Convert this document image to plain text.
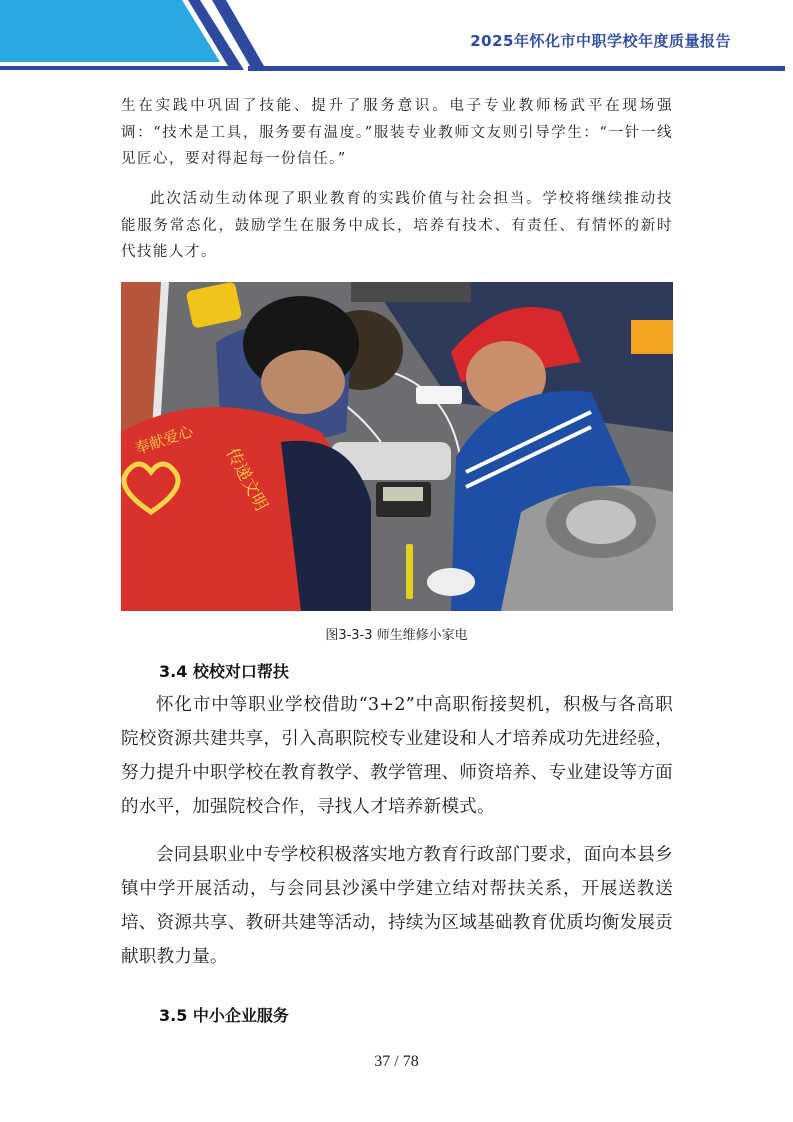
2025年怀化市中职学校年度质量报告

生在实践中巩固了技能、提升了服务意识。电子专业教师杨武平在现场强调：“技术是工具，服务要有温度。”服装专业教师文友则引导学生：“一针一线见匠心，要对得起每一份信任。”

此次活动生动体现了职业教育的实践价值与社会担当。学校将继续推动技能服务常态化，鼓励学生在服务中成长，培养有技术、有责任、有情怀的新时代技能人才。

奉献爱心
传递文明
图3-3-3 师生维修小家电
3.4 校校对口帮扶

怀化市中等职业学校借助“3+2”中高职衔接契机，积极与各高职院校资源共建共享，引入高职院校专业建设和人才培养成功先进经验，努力提升中职学校在教育教学、教学管理、师资培养、专业建设等方面的水平，加强院校合作，寻找人才培养新模式。

会同县职业中专学校积极落实地方教育行政部门要求，面向本县乡镇中学开展活动，与会同县沙溪中学建立结对帮扶关系，开展送教送培、资源共享、教研共建等活动，持续为区域基础教育优质均衡发展贡献职教力量。

3.5 中小企业服务
37 / 78
